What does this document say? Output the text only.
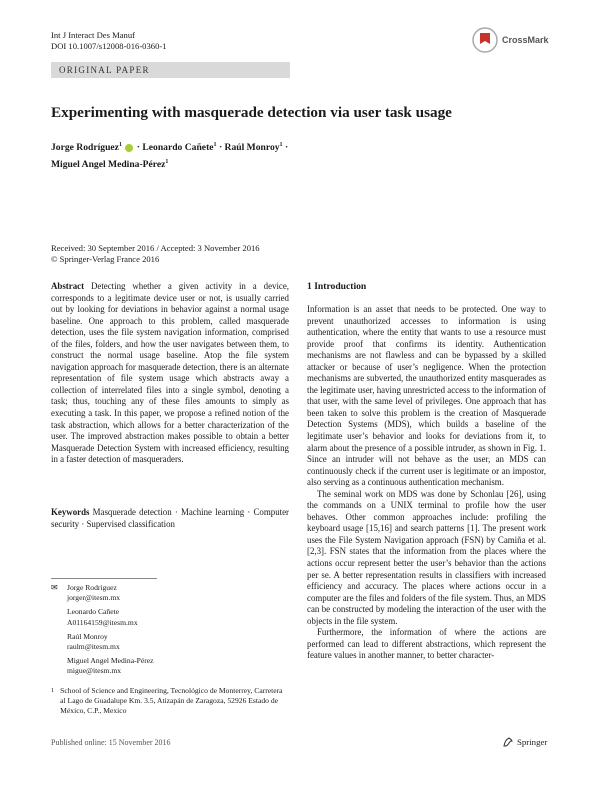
Int J Interact Des Manuf
DOI 10.1007/s12008-016-0360-1
CrossMark
ORIGINAL PAPER
Experimenting with masquerade detection via user task usage
Jorge Rodríguez$^1$ · Leonardo Cañete$^1$ · Raúl Monroy$^1$ ·
Miguel Angel Medina-Pérez$^1$
Received: 30 September 2016 / Accepted: 3 November 2016
© Springer-Verlag France 2016

Abstract Detecting whether a given activity in a device, corresponds to a legitimate device user or not, is usually carried out by looking for deviations in behavior against a normal usage baseline. One approach to this problem, called masquerade detection, uses the file system navigation information, comprised of the files, folders, and how the user navigates between them, to construct the normal usage baseline. Atop the file system navigation approach for masquerade detection, there is an alternate representation of file system usage which abstracts away a collection of interrelated files into a single symbol, denoting a task; thus, touching any of these files amounts to simply as executing a task. In this paper, we propose a refined notion of the task abstraction, which allows for a better characterization of the user. The improved abstraction makes possible to obtain a better Masquerade Detection System with increased efficiency, resulting in a faster detection of masqueraders.

Keywords Masquerade detection · Machine learning · Computer security · Supervised classification

✉	Jorge Rodríguez
jorger@itesm.mx
Leonardo Cañete
A01164159@itesm.mx
Raúl Monroy
raulm@itesm.mx
Miguel Angel Medina-Pérez
migue@itesm.mx
1 School of Science and Engineering, Tecnológico de Monterrey, Carretera al Lago de Guadalupe Km. 3.5, Atizapán de Zaragoza, 52926 Estado de México, C.P., Mexico
1 Introduction

Information is an asset that needs to be protected. One way to prevent unauthorized accesses to information is using authentication, where the entity that wants to use a resource must provide proof that confirms its identity. Authentication mechanisms are not flawless and can be bypassed by a skilled attacker or because of user’s negligence. When the protection mechanisms are subverted, the unauthorized entity masquerades as the legitimate user, having unrestricted access to the information of that user, with the same level of privileges. One approach that has been taken to solve this problem is the creation of Masquerade Detection Systems (MDS), which builds a baseline of the legitimate user’s behavior and looks for deviations from it, to alarm about the presence of a possible intruder, as shown in Fig. 1. Since an intruder will not behave as the user, an MDS can continuously check if the current user is legitimate or an impostor, also serving as a continuous authentication mechanism.

The seminal work on MDS was done by Schonlau [26], using the commands on a UNIX terminal to profile how the user behaves. Other common approaches include: profiling the keyboard usage [15,16] and search patterns [1]. The present work uses the File System Navigation approach (FSN) by Camiña et al. [2,3]. FSN states that the information from the places where the actions occur represent better the user’s behavior than the actions per se. A better representation results in classifiers with increased efficiency and accuracy. The places where actions occur in a computer are the files and folders of the file system. Thus, an MDS can be constructed by modeling the interaction of the user with the objects in the file system.

Furthermore, the information of where the actions are performed can lead to different abstractions, which represent the feature values in another manner, to better character-

Published online: 15 November 2016	Springer
